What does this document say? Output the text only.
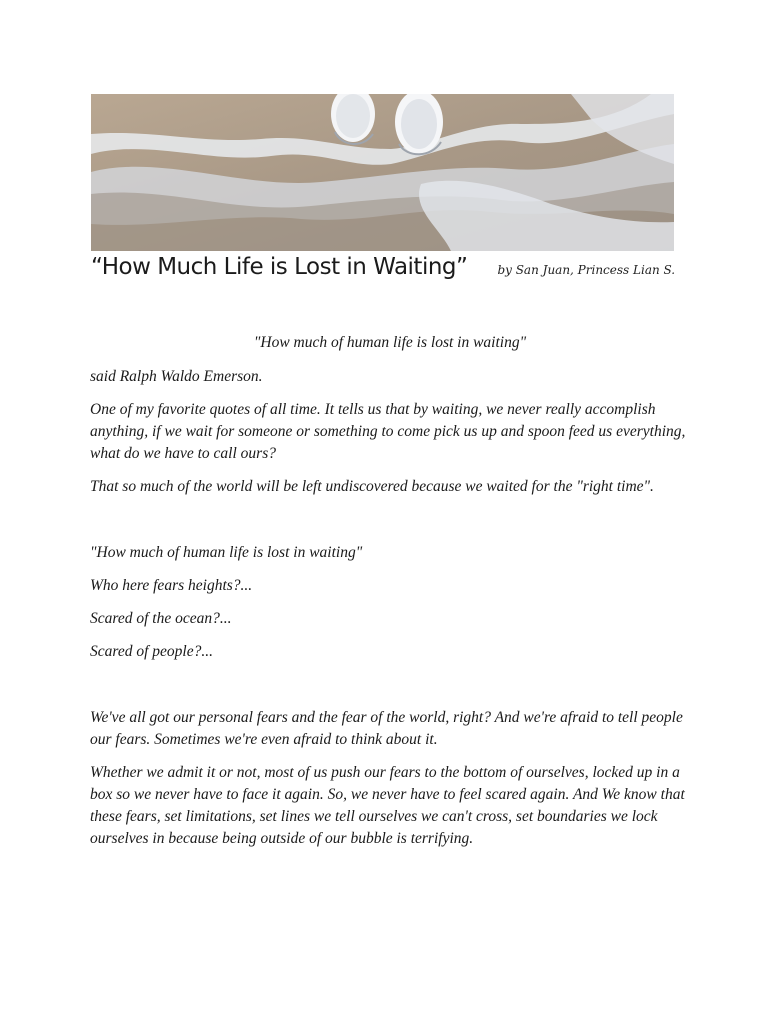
“How Much Life is Lost in Waiting”	by San Juan, Princess Lian S.

"How much of human life is lost in waiting"

said Ralph Waldo Emerson.

One of my favorite quotes of all time. It tells us that by waiting, we never really accomplish anything, if we wait for someone or something to come pick us up and spoon feed us everything, what do we have to call ours?

That so much of the world will be left undiscovered because we waited for the "right time".

"How much of human life is lost in waiting"

Who here fears heights?...

Scared of the ocean?...

Scared of people?...

We've all got our personal fears and the fear of the world, right? And we're afraid to tell people our fears. Sometimes we're even afraid to think about it.

Whether we admit it or not, most of us push our fears to the bottom of ourselves, locked up in a box so we never have to face it again. So, we never have to feel scared again. And We know that these fears, set limitations, set lines we tell ourselves we can't cross, set boundaries we lock ourselves in because being outside of our bubble is terrifying.
